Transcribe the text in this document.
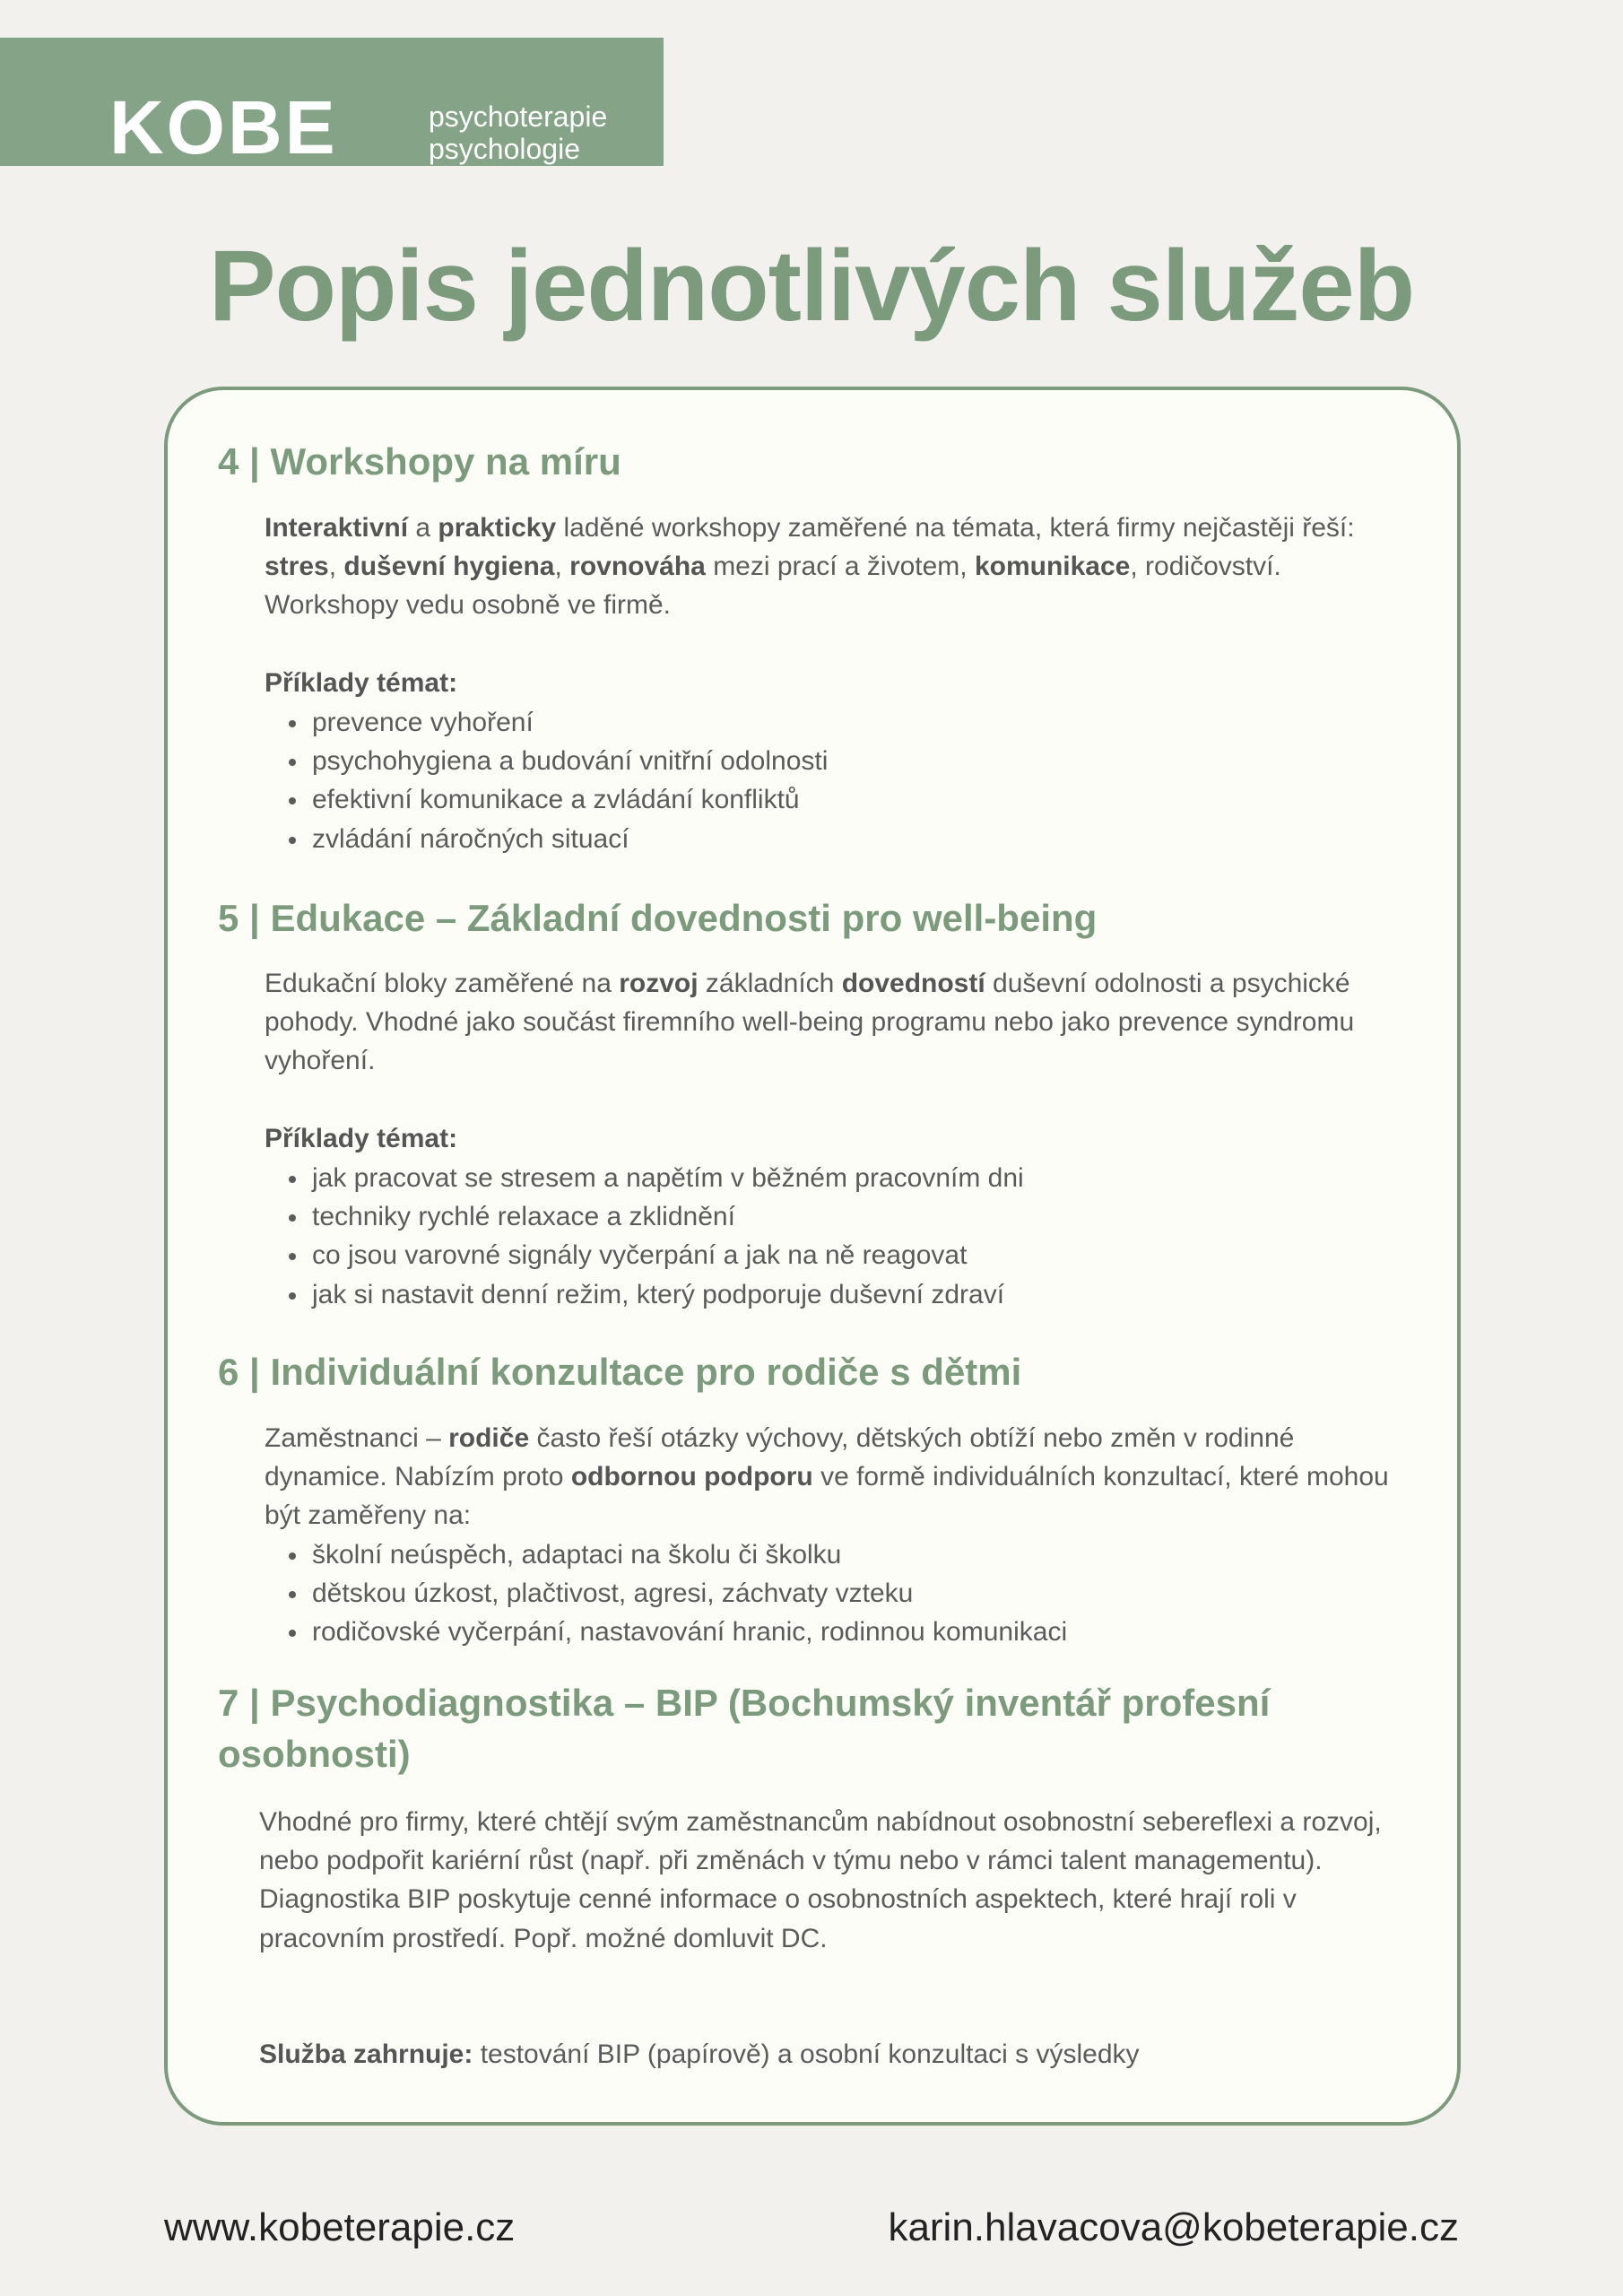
KOBE	psychoterapie
psychologie
Popis jednotlivých služeb
4 | Workshopy na míru
Interaktivní a prakticky laděné workshopy zaměřené na témata, která firmy nejčastěji řeší: stres, duševní hygiena, rovnováha mezi prací a životem, komunikace, rodičovství. Workshopy vedu osobně ve firmě.
Příklady témat:
prevence vyhoření
psychohygiena a budování vnitřní odolnosti
efektivní komunikace a zvládání konfliktů
zvládání náročných situací
5 | Edukace – Základní dovednosti pro well-being
Edukační bloky zaměřené na rozvoj základních dovedností duševní odolnosti a psychické pohody. Vhodné jako součást firemního well-being programu nebo jako prevence syndromu vyhoření.
Příklady témat:
jak pracovat se stresem a napětím v běžném pracovním dni
techniky rychlé relaxace a zklidnění
co jsou varovné signály vyčerpání a jak na ně reagovat
jak si nastavit denní režim, který podporuje duševní zdraví
6 | Individuální konzultace pro rodiče s dětmi
Zaměstnanci – rodiče často řeší otázky výchovy, dětských obtíží nebo změn v rodinné dynamice. Nabízím proto odbornou podporu ve formě individuálních konzultací, které mohou být zaměřeny na:
školní neúspěch, adaptaci na školu či školku
dětskou úzkost, plačtivost, agresi, záchvaty vzteku
rodičovské vyčerpání, nastavování hranic, rodinnou komunikaci
7 | Psychodiagnostika – BIP (Bochumský inventář profesní osobnosti)
Vhodné pro firmy, které chtějí svým zaměstnancům nabídnout osobnostní sebereflexi a rozvoj, nebo podpořit kariérní růst (např. při změnách v týmu nebo v rámci talent managementu). Diagnostika BIP poskytuje cenné informace o osobnostních aspektech, které hrají roli v pracovním prostředí. Popř. možné domluvit DC.
Služba zahrnuje: testování BIP (papírově) a osobní konzultaci s výsledky
www.kobeterapie.cz	karin.hlavacova@kobeterapie.cz
